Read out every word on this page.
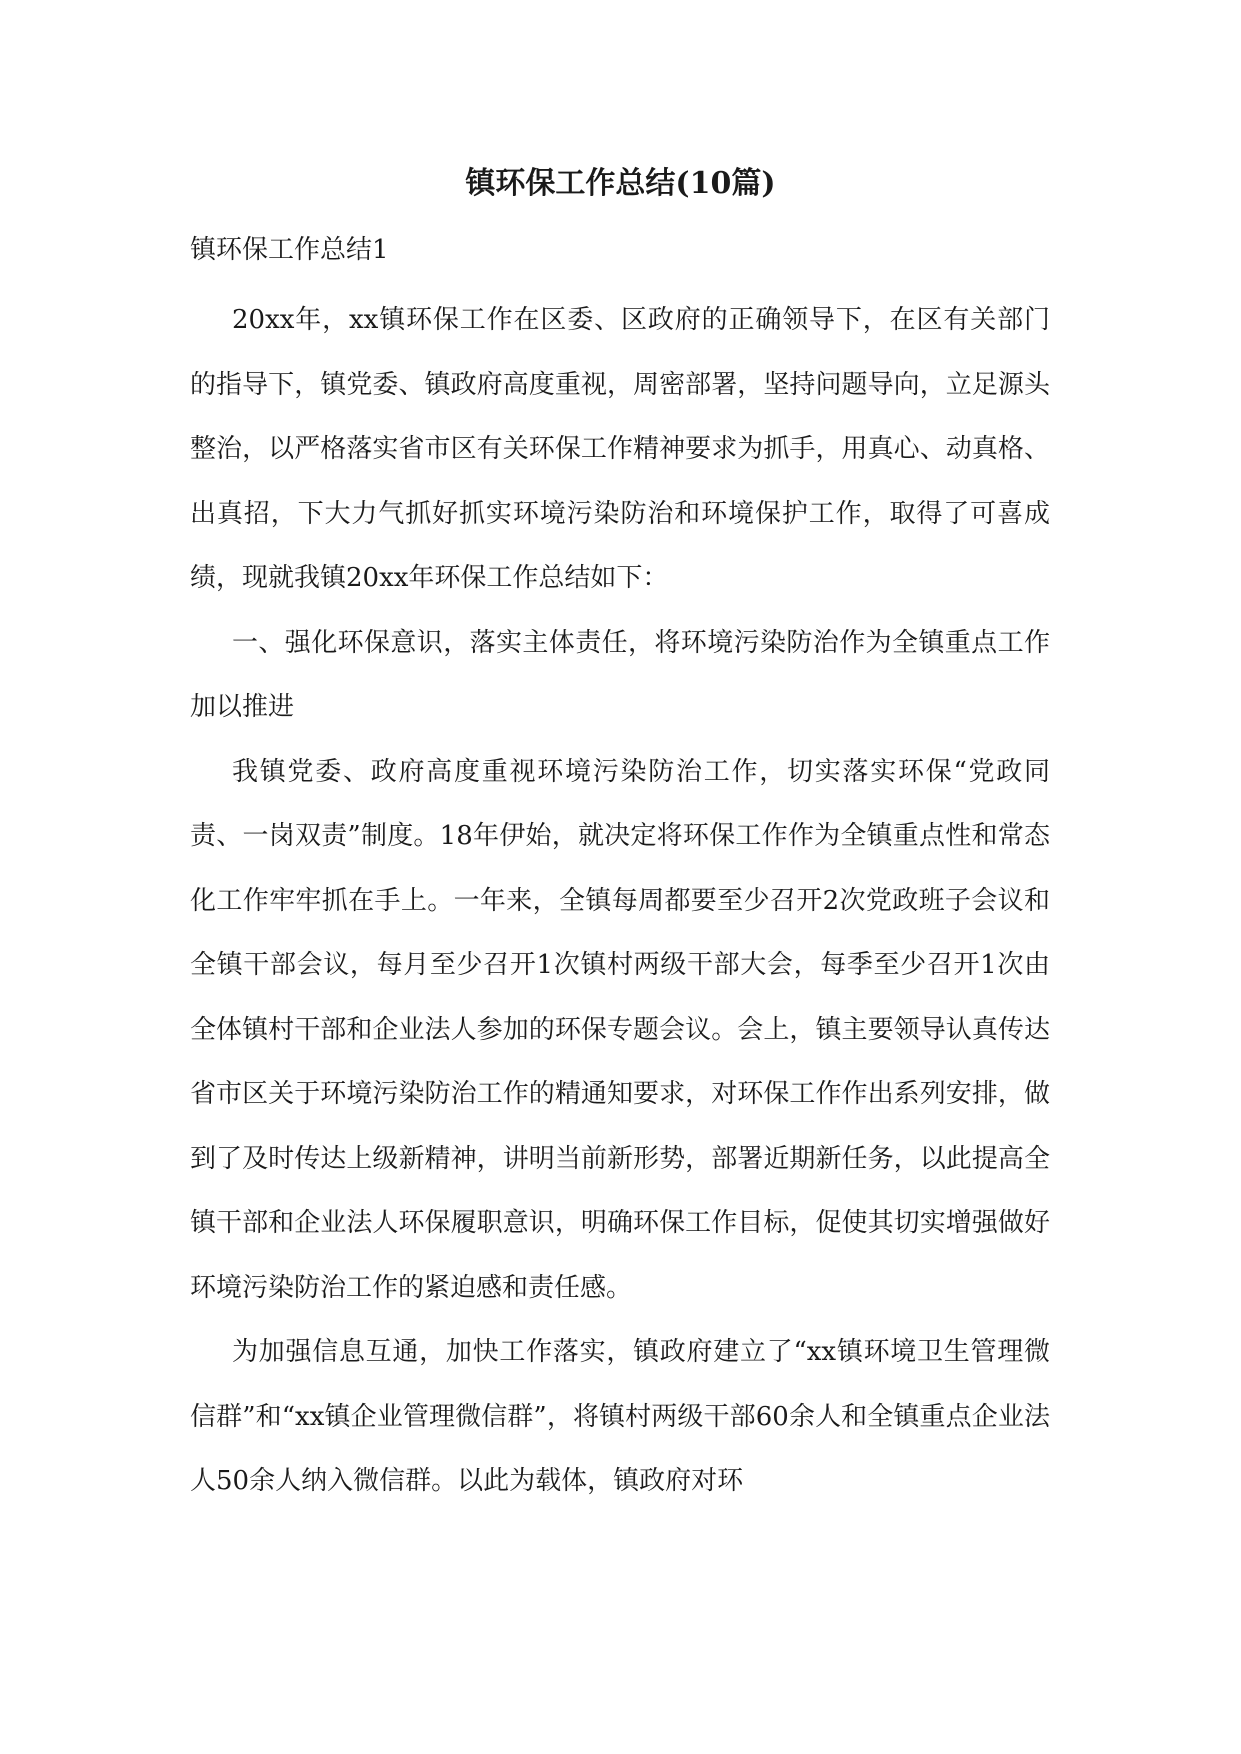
镇环保工作总结(10篇)
镇环保工作总结1

20xx年，xx镇环保工作在区委、区政府的正确领导下，在区有关部门的指导下，镇党委、镇政府高度重视，周密部署，坚持问题导向，立足源头整治，以严格落实省市区有关环保工作精神要求为抓手，用真心、动真格、出真招，下大力气抓好抓实环境污染防治和环境保护工作，取得了可喜成绩，现就我镇20xx年环保工作总结如下：

一、强化环保意识，落实主体责任，将环境污染防治作为全镇重点工作加以推进

我镇党委、政府高度重视环境污染防治工作，切实落实环保“党政同责、一岗双责”制度。18年伊始，就决定将环保工作作为全镇重点性和常态化工作牢牢抓在手上。一年来，全镇每周都要至少召开2次党政班子会议和全镇干部会议，每月至少召开1次镇村两级干部大会，每季至少召开1次由全体镇村干部和企业法人参加的环保专题会议。会上，镇主要领导认真传达省市区关于环境污染防治工作的精通知要求，对环保工作作出系列安排，做到了及时传达上级新精神，讲明当前新形势，部署近期新任务，以此提高全镇干部和企业法人环保履职意识，明确环保工作目标，促使其切实增强做好环境污染防治工作的紧迫感和责任感。

为加强信息互通，加快工作落实，镇政府建立了“xx镇环境卫生管理微信群”和“xx镇企业管理微信群”，将镇村两级干部60余人和全镇重点企业法人50余人纳入微信群。以此为载体，镇政府对环
